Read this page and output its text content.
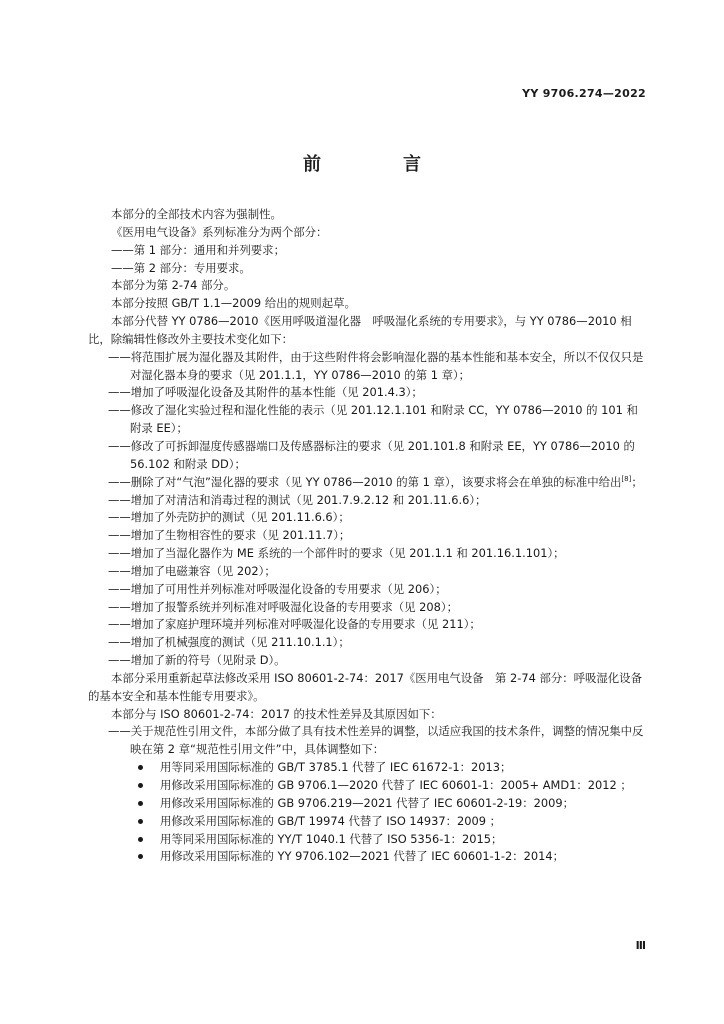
YY 9706.274—2022
前　言

本部分的全部技术内容为强制性。

《医用电气设备》系列标准分为两个部分：

——第 1 部分：通用和并列要求；

——第 2 部分：专用要求。

本部分为第 2-74 部分。

本部分按照 GB/T 1.1—2009 给出的规则起草。

本部分代替 YY 0786—2010《医用呼吸道湿化器　呼吸湿化系统的专用要求》，与 YY 0786—2010 相比，除编辑性修改外主要技术变化如下：

——将范围扩展为湿化器及其附件，由于这些附件将会影响湿化器的基本性能和基本安全，所以不仅仅只是对湿化器本身的要求（见 201.1.1，YY 0786—2010 的第 1 章）；

——增加了呼吸湿化设备及其附件的基本性能（见 201.4.3）；

——修改了湿化实验过程和湿化性能的表示（见 201.12.1.101 和附录 CC，YY 0786—2010 的 101 和附录 EE）；

——修改了可拆卸湿度传感器端口及传感器标注的要求（见 201.101.8 和附录 EE，YY 0786—2010 的 56.102 和附录 DD）；

——删除了对“气泡”湿化器的要求（见 YY 0786—2010 的第 1 章），该要求将会在单独的标准中给出[8]；

——增加了对清洁和消毒过程的测试（见 201.7.9.2.12 和 201.11.6.6）；

——增加了外壳防护的测试（见 201.11.6.6）；

——增加了生物相容性的要求（见 201.11.7）；

——增加了当湿化器作为 ME 系统的一个部件时的要求（见 201.1.1 和 201.16.1.101）；

——增加了电磁兼容（见 202）；

——增加了可用性并列标准对呼吸湿化设备的专用要求（见 206）；

——增加了报警系统并列标准对呼吸湿化设备的专用要求（见 208）；

——增加了家庭护理环境并列标准对呼吸湿化设备的专用要求（见 211）；

——增加了机械强度的测试（见 211.10.1.1）；

——增加了新的符号（见附录 D）。

本部分采用重新起草法修改采用 ISO 80601-2-74：2017《医用电气设备　第 2-74 部分：呼吸湿化设备的基本安全和基本性能专用要求》。

本部分与 ISO 80601-2-74：2017 的技术性差异及其原因如下：

——关于规范性引用文件，本部分做了具有技术性差异的调整，以适应我国的技术条件，调整的情况集中反映在第 2 章“规范性引用文件”中，具体调整如下：

用等同采用国际标准的 GB/T 3785.1 代替了 IEC 61672-1：2013；

用修改采用国际标准的 GB 9706.1—2020 代替了 IEC 60601-1：2005+ AMD1：2012 ；

用修改采用国际标准的 GB 9706.219—2021 代替了 IEC 60601-2-19：2009；

用修改采用国际标准的 GB/T 19974 代替了 ISO 14937：2009 ；

用等同采用国际标准的 YY/T 1040.1 代替了 ISO 5356-1：2015；

用修改采用国际标准的 YY 9706.102—2021 代替了 IEC 60601-1-2：2014；

Ⅲ
